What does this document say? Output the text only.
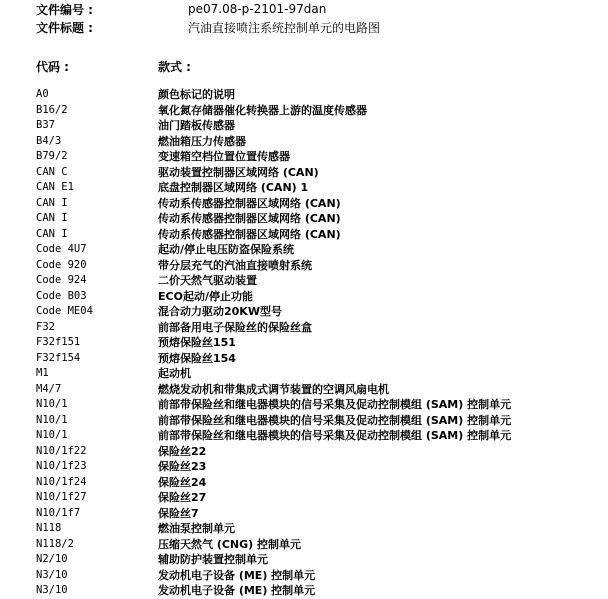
文件编号 :	pe07.08-p-2101-97dan
文件标题 :	汽油直接喷注系统控制单元的电路图
代码 :	款式 :
A0	颜色标记的说明
B16/2	氧化氮存储器催化转换器上游的温度传感器
B37	油门踏板传感器
B4/3	燃油箱压力传感器
B79/2	变速箱空档位置位置传感器
CAN C	驱动装置控制器区域网络 (CAN)
CAN E1	底盘控制器区域网络 (CAN) 1
CAN I	传动系传感器控制器区域网络 (CAN)
CAN I	传动系传感器控制器区域网络 (CAN)
CAN I	传动系传感器控制器区域网络 (CAN)
Code 4U7	起动/停止电压防盗保险系统
Code 920	带分层充气的汽油直接喷射系统
Code 924	二价天然气驱动装置
Code B03	ECO起动/停止功能
Code ME04	混合动力驱动20KW型号
F32	前部备用电子保险丝的保险丝盒
F32f151	预熔保险丝151
F32f154	预熔保险丝154
M1	起动机
M4/7	燃烧发动机和带集成式调节装置的空调风扇电机
N10/1	前部带保险丝和继电器模块的信号采集及促动控制模组 (SAM) 控制单元
N10/1	前部带保险丝和继电器模块的信号采集及促动控制模组 (SAM) 控制单元
N10/1	前部带保险丝和继电器模块的信号采集及促动控制模组 (SAM) 控制单元
N10/1f22	保险丝22
N10/1f23	保险丝23
N10/1f24	保险丝24
N10/1f27	保险丝27
N10/1f7	保险丝7
N118	燃油泵控制单元
N118/2	压缩天然气 (CNG) 控制单元
N2/10	辅助防护装置控制单元
N3/10	发动机电子设备 (ME) 控制单元
N3/10	发动机电子设备 (ME) 控制单元
